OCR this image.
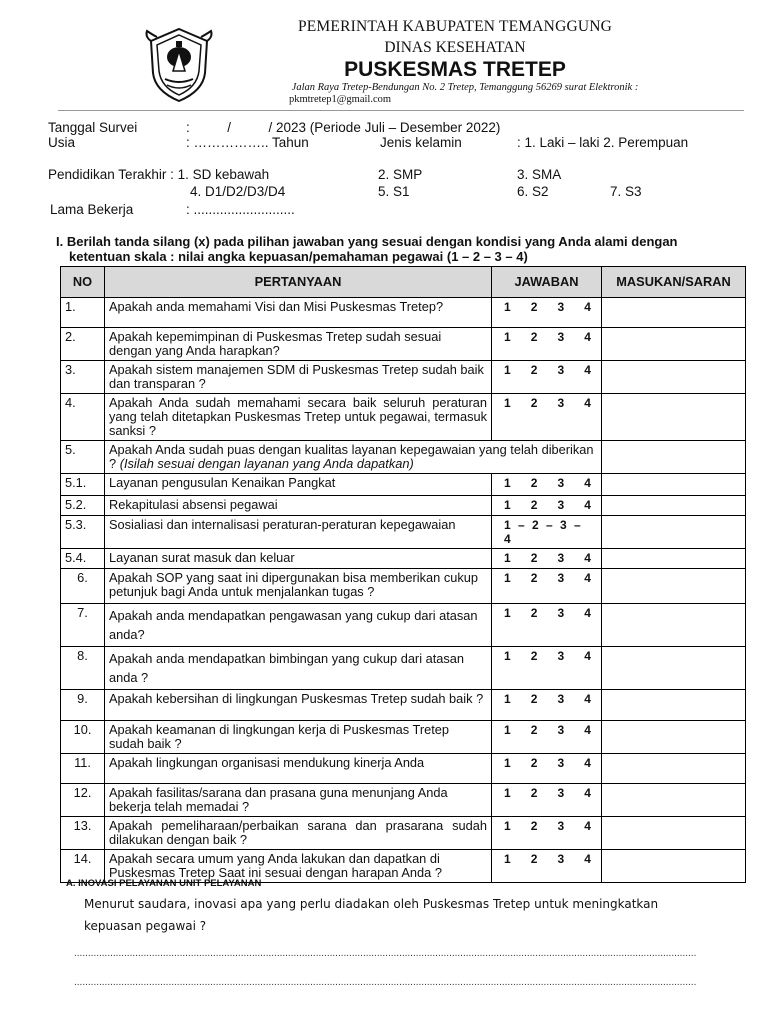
PEMERINTAH KABUPATEN TEMANGGUNG
DINAS KESEHATAN
PUSKESMAS TRETEP
Jalan Raya Tretep-Bendungan No. 2 Tretep, Temanggung 56269 surat Elektronik :
pkmtretep1@gmail.com
Tanggal Survei	:          /          / 2023 (Periode Juli – Desember 2022)
Usia	: …………….. Tahun	Jenis kelamin	: 1. Laki – laki 2. Perempuan
Pendidikan Terakhir : 1. SD kebawah	2. SMP	3. SMA
4. D1/D2/D3/D4	5. S1	6. S2	7. S3
Lama Bekerja	: ...........................
I. Berilah tanda silang (x) pada pilihan jawaban yang sesuai dengan kondisi yang Anda alami dengan
ketentuan skala : nilai angka kepuasan/pemahaman pegawai (1 – 2 – 3 – 4)
NO	PERTANYAAN	JAWABAN	MASUKAN/SARAN
1.	Apakah anda memahami Visi dan Misi Puskesmas Tretep?	1 2 3 4	

2.	Apakah kepemimpinan di Puskesmas Tretep sudah sesuai dengan yang Anda harapkan?	1 2 3 4	

3.	Apakah sistem manajemen SDM di Puskesmas Tretep sudah baik dan transparan ?	1 2 3 4	

4.	Apakah Anda sudah memahami secara baik seluruh peraturan yang telah ditetapkan Puskesmas Tretep untuk pegawai, termasuk sanksi ?	1 2 3 4	

5.	Apakah Anda sudah puas dengan kualitas layanan kepegawaian yang telah diberikan ? (Isilah sesuai dengan layanan yang Anda dapatkan)		
5.1.	Layanan pengusulan Kenaikan Pangkat	1 2 3 4	

5.2.	Rekapitulasi absensi pegawai	1 2 3 4	

5.3.	Sosialiasi dan internalisasi peraturan-peraturan kepegawaian	1 – 2 – 3 – 4	

5.4.	Layanan surat masuk dan keluar	1 2 3 4	

6.	Apakah SOP yang saat ini dipergunakan bisa memberikan cukup petunjuk bagi Anda untuk menjalankan tugas ?	1 2 3 4	

7.	Apakah anda mendapatkan pengawasan yang cukup dari atasan anda?	1 2 3 4	

8.	Apakah anda mendapatkan bimbingan yang cukup dari atasan anda ?	1 2 3 4	

9.	Apakah kebersihan di lingkungan Puskesmas Tretep sudah baik ?	1 2 3 4	

10.	Apakah keamanan di lingkungan kerja di Puskesmas Tretep sudah baik ?	1 2 3 4	

11.	Apakah lingkungan organisasi mendukung kinerja Anda	1 2 3 4	

12.	Apakah fasilitas/sarana dan prasana guna menunjang Anda bekerja telah memadai ?	1 2 3 4	

13.	Apakah pemeliharaan/perbaikan sarana dan prasarana sudah dilakukan dengan baik ?	1 2 3 4	

14.	Apakah secara umum yang Anda lakukan dan dapatkan di Puskesmas Tretep Saat ini sesuai dengan harapan Anda ?	1 2 3 4	

A. INOVASI PELAYANAN UNIT PELAYANAN
Menurut saudara, inovasi apa yang perlu diadakan oleh Puskesmas Tretep untuk meningkatkan kepuasan pegawai ?
................................................................................................................................................................................................................................
................................................................................................................................................................................................................................
